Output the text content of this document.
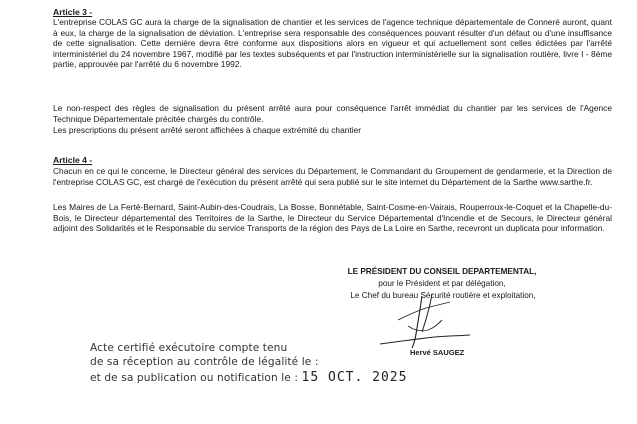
Article 3 -
L'entreprise COLAS GC aura la charge de la signalisation de chantier et les services de l'agence technique départementale de Conneré auront, quant à eux, la charge de la signalisation de déviation. L'entreprise sera responsable des conséquences pouvant résulter d'un défaut ou d'une insuffisance de cette signalisation. Cette dernière devra être conforme aux dispositions alors en vigueur et qui actuellement sont celles édictées par l'arrêté interministériel du 24 novembre 1967, modifié par les textes subséquents et par l'instruction interministérielle sur la signalisation routière, livre I - 8ème partie, approuvée par l'arrêté du 6 novembre 1992.
Le non-respect des règles de signalisation du présent arrêté aura pour conséquence l'arrêt immédiat du chantier par les services de l'Agence Technique Départementale précitée chargés du contrôle.
Les prescriptions du présent arrêté seront affichées à chaque extrémité du chantier
Article 4 -
Chacun en ce qui le concerne, le Directeur général des services du Département, le Commandant du Groupement de gendarmerie, et la Direction de l'entreprise COLAS GC, est chargé de l'exécution du présent arrêté qui sera publié sur le site internet du Département de la Sarthe www.sarthe.fr.
Les Maires de La Ferté-Bernard, Saint-Aubin-des-Coudrais, La Bosse, Bonnétable, Saint-Cosme-en-Vairais, Rouperroux-le-Coquet et la Chapelle-du-Bois, le Directeur départemental des Territoires de la Sarthe, le Directeur du Service Départemental d'Incendie et de Secours, le Directeur général adjoint des Solidarités et le Responsable du service Transports de la région des Pays de La Loire en Sarthe, recevront un duplicata pour information.
LE PRÉSIDENT DU CONSEIL DEPARTEMENTAL,
pour le Président et par délégation,
Le Chef du bureau Sécurité routière et exploitation,
Hervé SAUGEZ
Acte certifié exécutoire compte tenu
de sa réception au contrôle de légalité le :
et de sa publication ou notification le : 15 OCT. 2025
